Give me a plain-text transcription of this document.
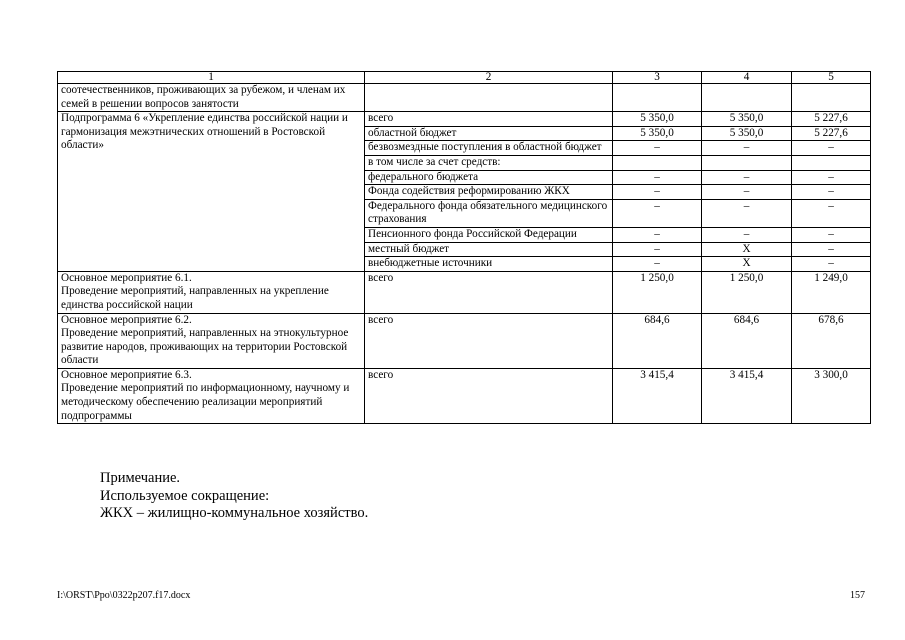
1	2	3	4	5
соотечественников, проживающих за рубежом, и членам их семей в решении вопросов занятости				
Подпрограмма 6 «Укрепление единства российской нации и гармонизация межэтнических отношений в Ростовской области»	всего	5 350,0	5 350,0	5 227,6
	областной бюджет	5 350,0	5 350,0	5 227,6
	безвозмездные поступления в областной бюджет	–	–	–
	в том числе за счет средств:			
	федерального бюджета	–	–	–
	Фонда содействия реформированию ЖКХ	–	–	–
	Федерального фонда обязательного медицинского страхования	–	–	–
	Пенсионного фонда Российской Федерации	–	–	–
	местный бюджет	–	Х	–
	внебюджетные источники	–	Х	–

Основное мероприятие 6.1.
Проведение мероприятий, направленных на укрепление единства российской нации	всего	1 250,0	1 250,0	1 249,0

Основное мероприятие 6.2.
Проведение мероприятий, направленных на этнокультурное развитие народов, проживающих на территории Ростовской области	всего	684,6	684,6	678,6

Основное мероприятие 6.3.
Проведение мероприятий по информационному, научному и методическому обеспечению реализации мероприятий подпрограммы	всего	3 415,4	3 415,4	3 300,0
Примечание.
Используемое сокращение:
ЖКХ – жилищно-коммунальное хозяйство.
I:\ORST\Ppo\0322p207.f17.docx	157
